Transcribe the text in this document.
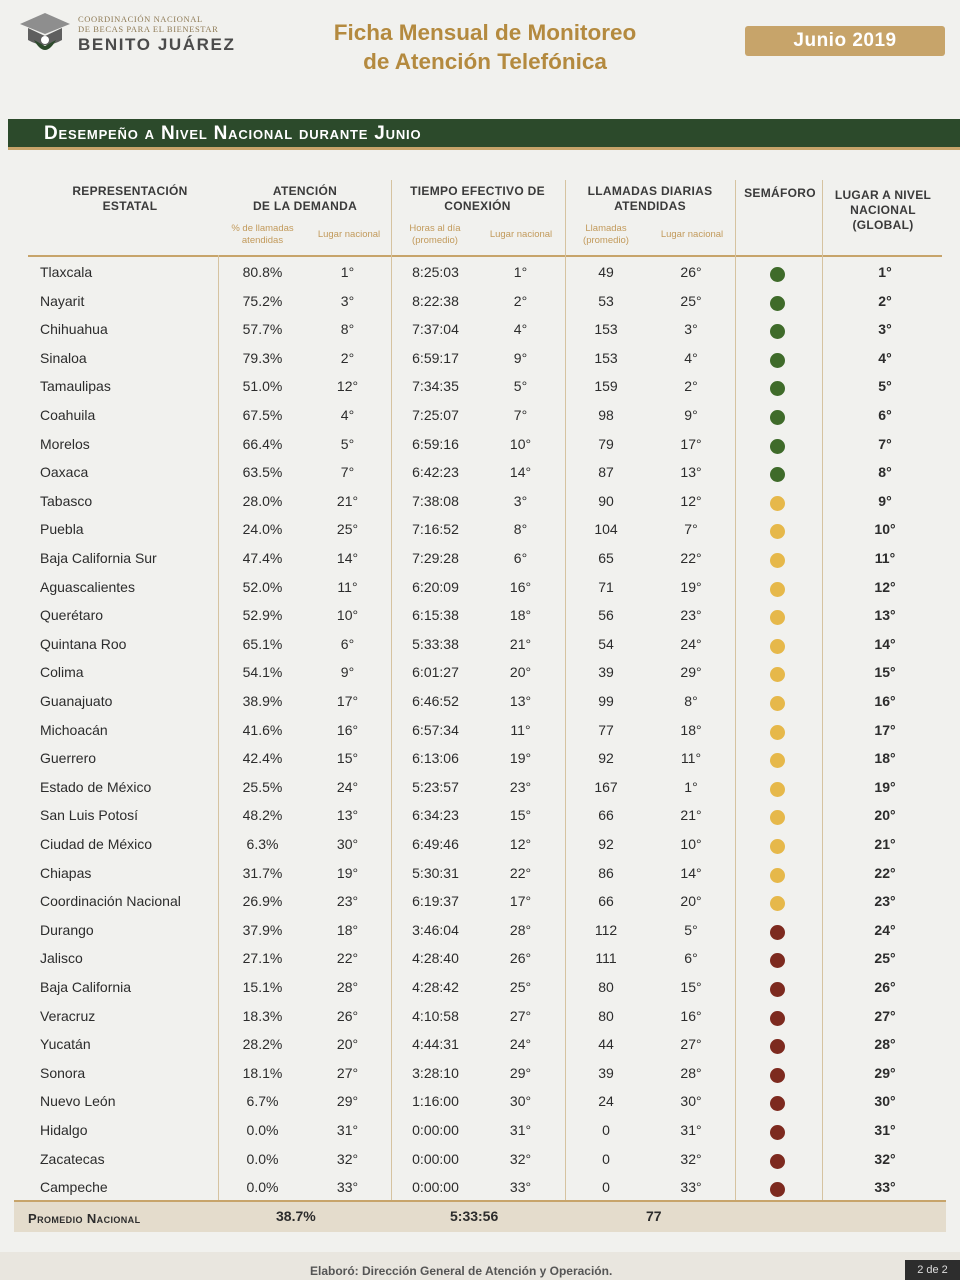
COORDINACIÓN NACIONAL
DE BECAS PARA EL BIENESTAR
BENITO JUÁREZ	Ficha Mensual de Monitoreo
de Atención Telefónica
Junio 2019
Desempeño a Nivel Nacional durante Junio
REPRESENTACIÓN
ESTATAL
ATENCIÓN
DE LA DEMANDA
% de llamadas
atendidas
Lugar nacional
TIEMPO EFECTIVO DE
CONEXIÓN
Horas al día
(promedio)
Lugar nacional
LLAMADAS DIARIAS
ATENDIDAS
Llamadas
(promedio)
Lugar nacional
SEMÁFORO	LUGAR A NIVEL
NACIONAL
(GLOBAL)
Tlaxcala	80.8%	1°	8:25:03	1°	49	26°	1°
Nayarit	75.2%	3°	8:22:38	2°	53	25°	2°
Chihuahua	57.7%	8°	7:37:04	4°	153	3°	3°
Sinaloa	79.3%	2°	6:59:17	9°	153	4°	4°
Tamaulipas	51.0%	12°	7:34:35	5°	159	2°	5°
Coahuila	67.5%	4°	7:25:07	7°	98	9°	6°
Morelos	66.4%	5°	6:59:16	10°	79	17°	7°
Oaxaca	63.5%	7°	6:42:23	14°	87	13°	8°
Tabasco	28.0%	21°	7:38:08	3°	90	12°	9°
Puebla	24.0%	25°	7:16:52	8°	104	7°	10°
Baja California Sur	47.4%	14°	7:29:28	6°	65	22°	11°
Aguascalientes	52.0%	11°	6:20:09	16°	71	19°	12°
Querétaro	52.9%	10°	6:15:38	18°	56	23°	13°
Quintana Roo	65.1%	6°	5:33:38	21°	54	24°	14°
Colima	54.1%	9°	6:01:27	20°	39	29°	15°
Guanajuato	38.9%	17°	6:46:52	13°	99	8°	16°
Michoacán	41.6%	16°	6:57:34	11°	77	18°	17°
Guerrero	42.4%	15°	6:13:06	19°	92	11°	18°
Estado de México	25.5%	24°	5:23:57	23°	167	1°	19°
San Luis Potosí	48.2%	13°	6:34:23	15°	66	21°	20°
Ciudad de México	6.3%	30°	6:49:46	12°	92	10°	21°
Chiapas	31.7%	19°	5:30:31	22°	86	14°	22°
Coordinación Nacional	26.9%	23°	6:19:37	17°	66	20°	23°
Durango	37.9%	18°	3:46:04	28°	112	5°	24°
Jalisco	27.1%	22°	4:28:40	26°	111	6°	25°
Baja California	15.1%	28°	4:28:42	25°	80	15°	26°
Veracruz	18.3%	26°	4:10:58	27°	80	16°	27°
Yucatán	28.2%	20°	4:44:31	24°	44	27°	28°
Sonora	18.1%	27°	3:28:10	29°	39	28°	29°
Nuevo León	6.7%	29°	1:16:00	30°	24	30°	30°
Hidalgo	0.0%	31°	0:00:00	31°	0	31°	31°
Zacatecas	0.0%	32°	0:00:00	32°	0	32°	32°
Campeche	0.0%	33°	0:00:00	33°	0	33°	33°
Promedio Nacional	38.7%	5:33:56	77
Elaboró: Dirección General de Atención y Operación.	2 de 2
